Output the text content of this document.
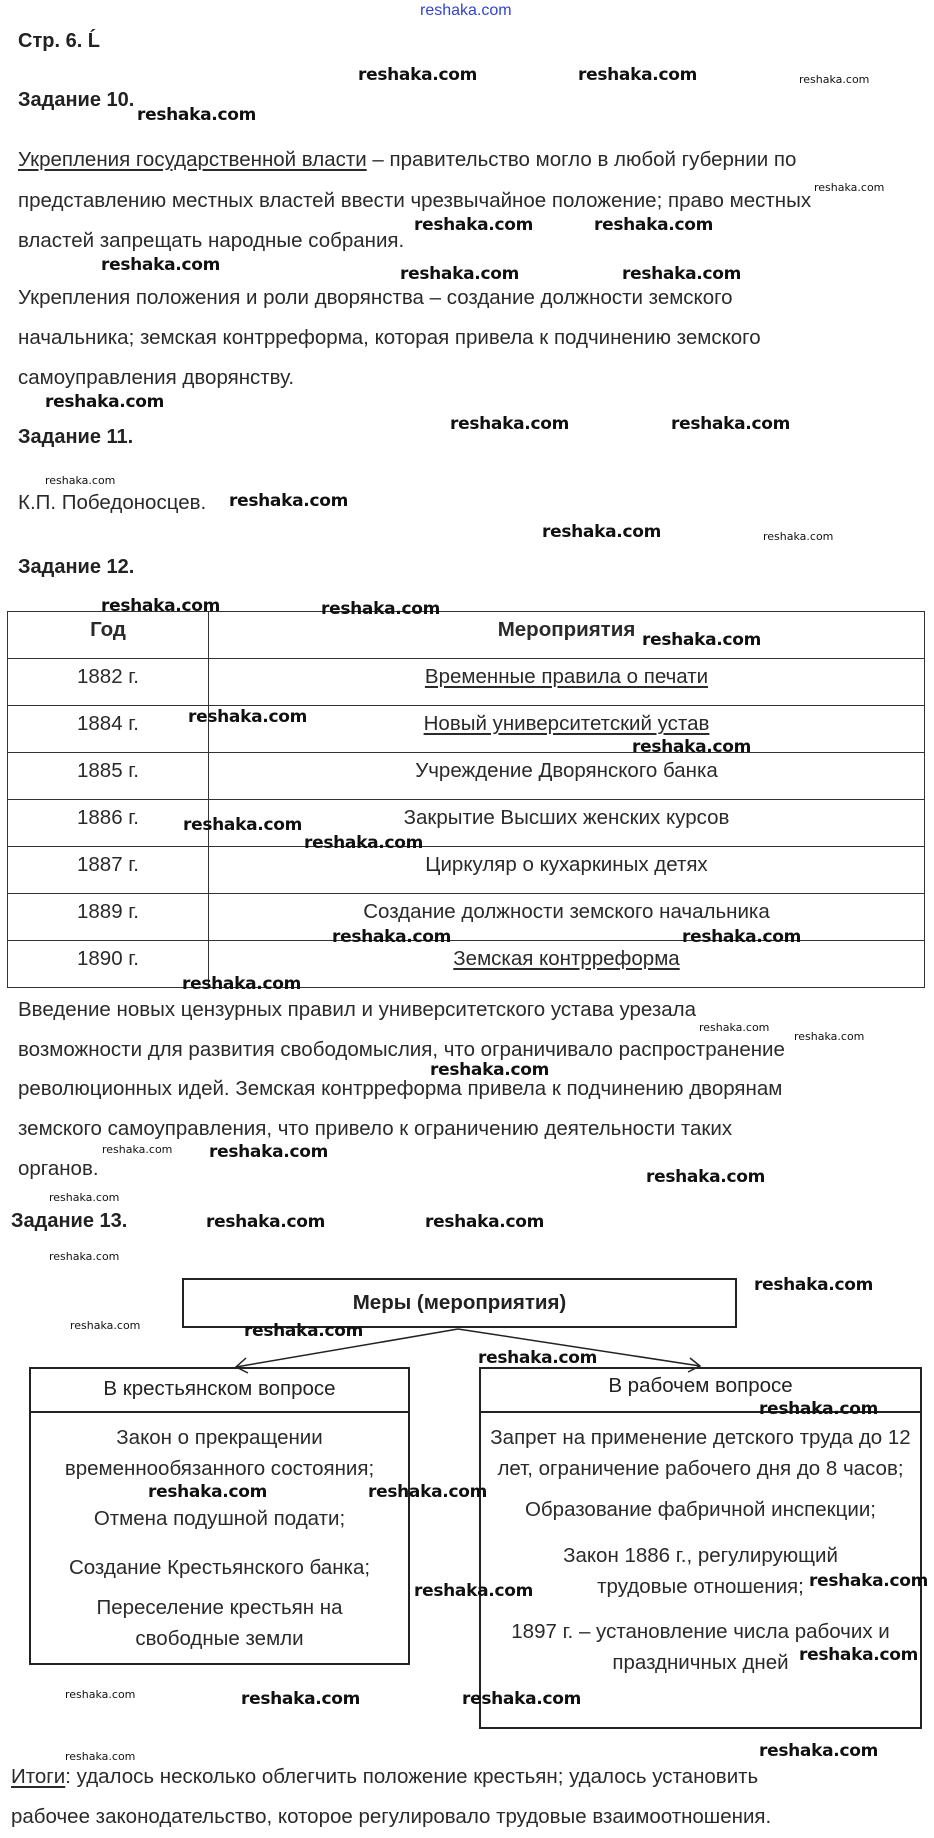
reshaka.com
Стр. 6. Ĺ
Задание 10.
Укрепления государственной власти – правительство могло в любой губернии по
представлению местных властей ввести чрезвычайное положение; право местных
властей запрещать народные собрания.
Укрепления положения и роли дворянства – создание должности земского
начальника; земская контрреформа, которая привела к подчинению земского
самоуправления дворянству.
Задание 11.
К.П. Победоносцев.
Задание 12.
Год	Мероприятия
1882 г.	Временные правила о печати
1884 г.	Новый университетский устав
1885 г.	Учреждение Дворянского банка
1886 г.	Закрытие Высших женских курсов
1887 г.	Циркуляр о кухаркиных детях
1889 г.	Создание должности земского начальника
1890 г.	Земская контрреформа
Введение новых цензурных правил и университетского устава урезала
возможности для развития свободомыслия, что ограничивало распространение
революционных идей. Земская контрреформа привела к подчинению дворянам
земского самоуправления, что привело к ограничению деятельности таких
органов.
Задание 13.
Меры (мероприятия)
В крестьянском вопросе
Закон о прекращении временнообязанного состояния;
Отмена подушной подати;
Создание Крестьянского банка;
Переселение крестьян на свободные земли
В рабочем вопросе
Запрет на применение детского труда до 12 лет, ограничение рабочего дня до 8 часов;
Образование фабричной инспекции;
Закон 1886 г., регулирующий трудовые отношения;
1897 г. – установление числа рабочих и праздничных дней
Итоги: удалось несколько облегчить положение крестьян; удалось установить
рабочее законодательство, которое регулировало трудовые взаимоотношения.
reshaka.com	reshaka.com	reshaka.com
reshaka.com
reshaka.com	reshaka.com
reshaka.com
reshaka.com	reshaka.com	reshaka.com
reshaka.com
reshaka.com	reshaka.com
reshaka.com
reshaka.com
reshaka.com	reshaka.com
reshaka.com	reshaka.com
reshaka.com
reshaka.com
reshaka.com
reshaka.com
reshaka.com
reshaka.com	reshaka.com
reshaka.com
reshaka.com
reshaka.com
reshaka.com
reshaka.com reshaka.com
reshaka.com
reshaka.com
reshaka.com	reshaka.com
reshaka.com
reshaka.com
reshaka.com	reshaka.com
reshaka.com
reshaka.com
reshaka.com	reshaka.com
reshaka.com
reshaka.com
reshaka.com
reshaka.com	reshaka.com	reshaka.com
reshaka.com
reshaka.com
